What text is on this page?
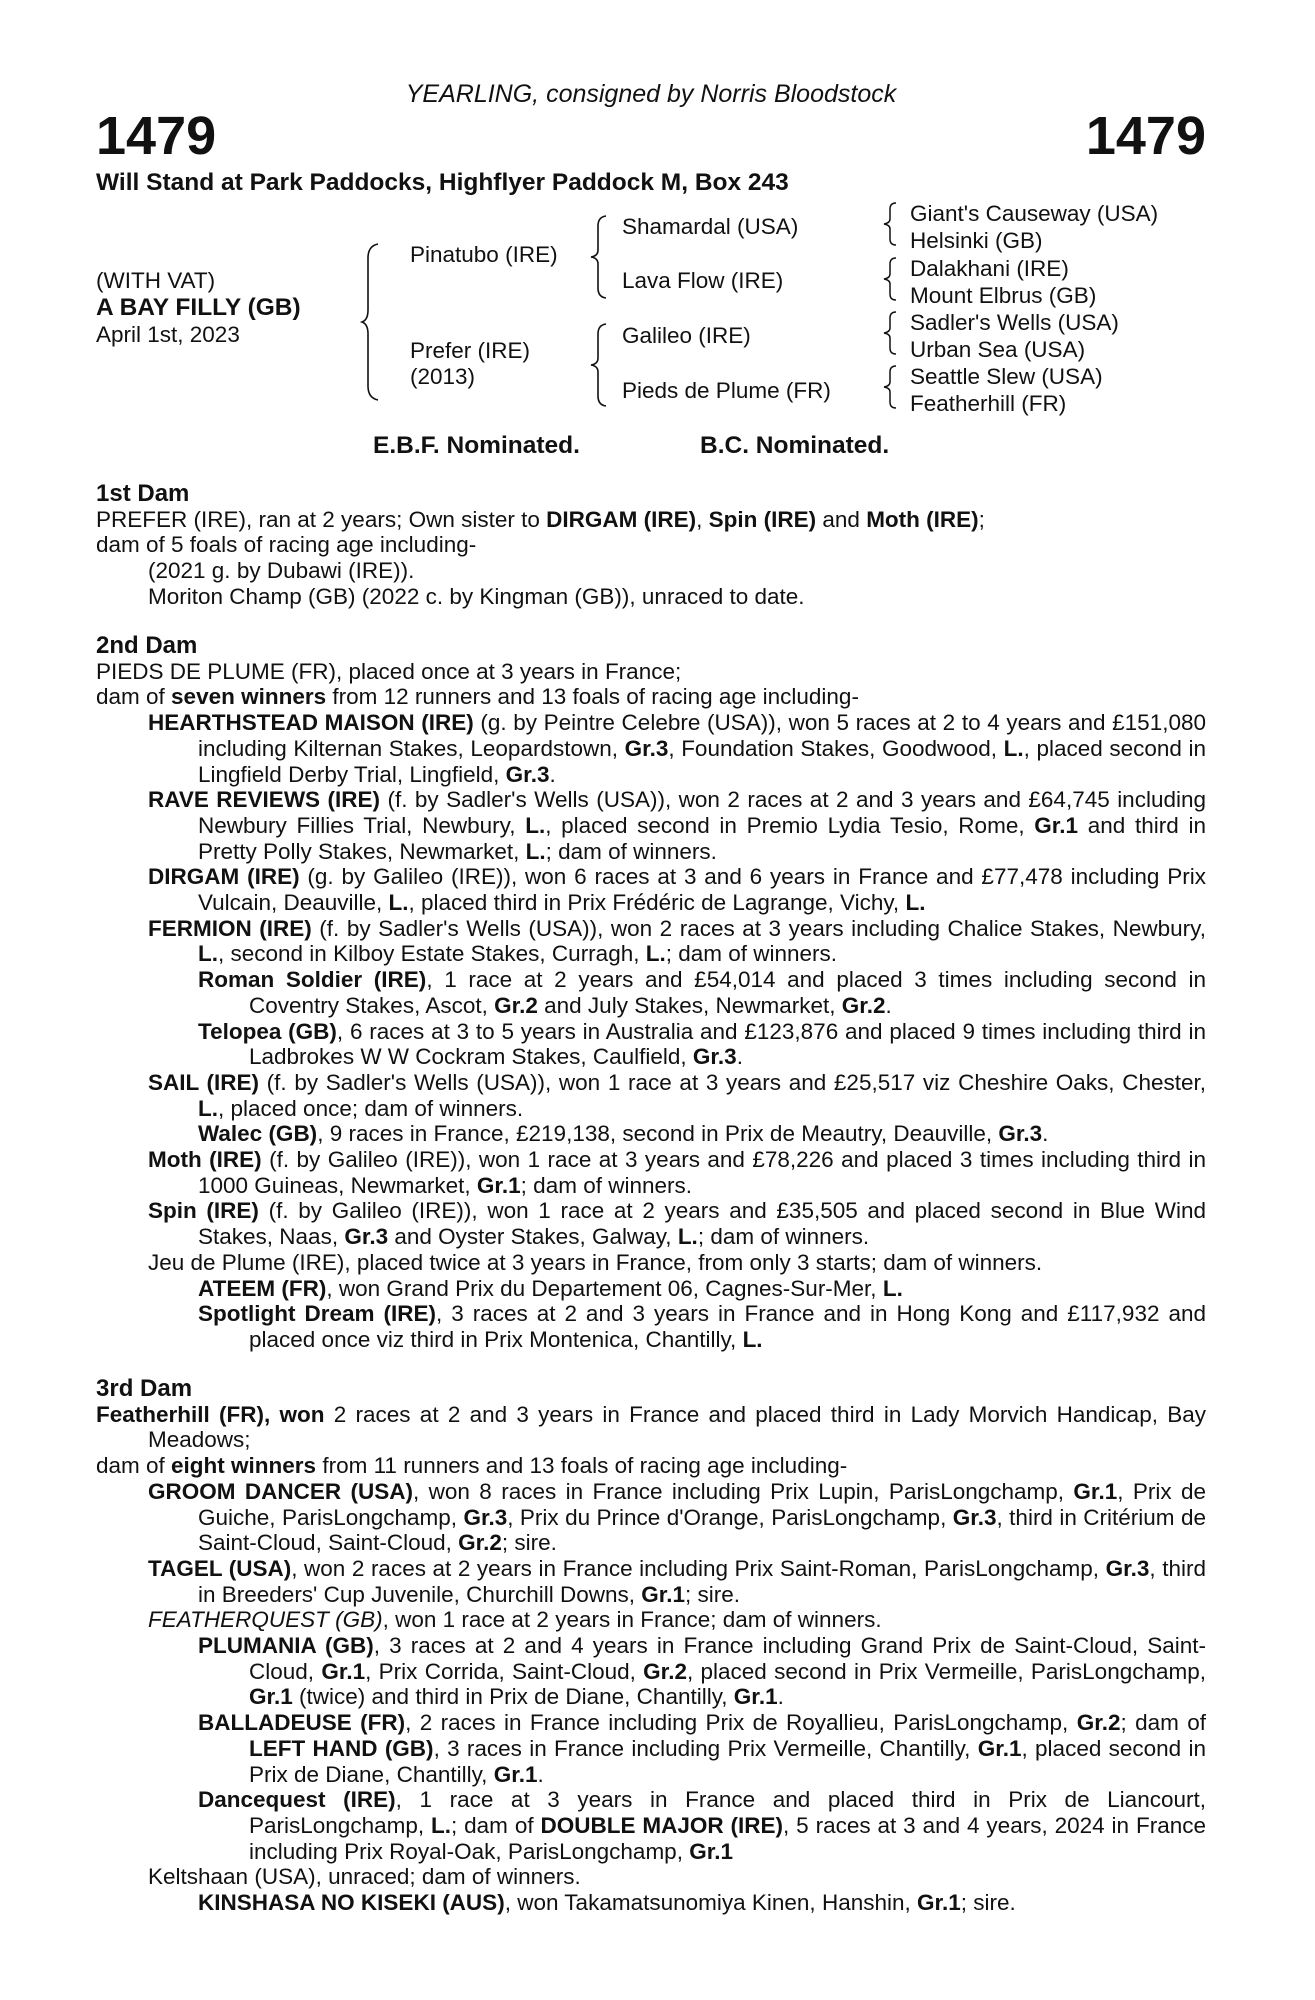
YEARLING, consigned by Norris Bloodstock
1479	1479
Will Stand at Park Paddocks, Highflyer Paddock M, Box 243
(WITH VAT)
A BAY FILLY (GB)
April 1st, 2023
Pinatubo (IRE)
Prefer (IRE)
(2013)
Shamardal (USA)
Lava Flow (IRE)
Galileo (IRE)
Pieds de Plume (FR)
Giant's Causeway (USA)
Helsinki (GB)
Dalakhani (IRE)
Mount Elbrus (GB)
Sadler's Wells (USA)
Urban Sea (USA)
Seattle Slew (USA)
Featherhill (FR)
E.B.F. Nominated.	B.C. Nominated.
1st Dam
PREFER (IRE), ran at 2 years; Own sister to DIRGAM (IRE), Spin (IRE) and Moth (IRE);
dam of 5 foals of racing age including-
(2021 g. by Dubawi (IRE)).
Moriton Champ (GB) (2022 c. by Kingman (GB)), unraced to date.
2nd Dam
PIEDS DE PLUME (FR), placed once at 3 years in France;
dam of seven winners from 12 runners and 13 foals of racing age including-
HEARTHSTEAD MAISON (IRE) (g. by Peintre Celebre (USA)), won 5 races at 2 to 4 years and £151,080 including Kilternan Stakes, Leopardstown, Gr.3, Foundation Stakes, Goodwood, L., placed second in Lingfield Derby Trial, Lingfield, Gr.3.
RAVE REVIEWS (IRE) (f. by Sadler's Wells (USA)), won 2 races at 2 and 3 years and £64,745 including Newbury Fillies Trial, Newbury, L., placed second in Premio Lydia Tesio, Rome, Gr.1 and third in Pretty Polly Stakes, Newmarket, L.; dam of winners.
DIRGAM (IRE) (g. by Galileo (IRE)), won 6 races at 3 and 6 years in France and £77,478 including Prix Vulcain, Deauville, L., placed third in Prix Frédéric de Lagrange, Vichy, L.
FERMION (IRE) (f. by Sadler's Wells (USA)), won 2 races at 3 years including Chalice Stakes, Newbury, L., second in Kilboy Estate Stakes, Curragh, L.; dam of winners.
Roman Soldier (IRE), 1 race at 2 years and £54,014 and placed 3 times including second in Coventry Stakes, Ascot, Gr.2 and July Stakes, Newmarket, Gr.2.
Telopea (GB), 6 races at 3 to 5 years in Australia and £123,876 and placed 9 times including third in Ladbrokes W W Cockram Stakes, Caulfield, Gr.3.
SAIL (IRE) (f. by Sadler's Wells (USA)), won 1 race at 3 years and £25,517 viz Cheshire Oaks, Chester, L., placed once; dam of winners.
Walec (GB), 9 races in France, £219,138, second in Prix de Meautry, Deauville, Gr.3.
Moth (IRE) (f. by Galileo (IRE)), won 1 race at 3 years and £78,226 and placed 3 times including third in 1000 Guineas, Newmarket, Gr.1; dam of winners.
Spin (IRE) (f. by Galileo (IRE)), won 1 race at 2 years and £35,505 and placed second in Blue Wind Stakes, Naas, Gr.3 and Oyster Stakes, Galway, L.; dam of winners.
Jeu de Plume (IRE), placed twice at 3 years in France, from only 3 starts; dam of winners.
ATEEM (FR), won Grand Prix du Departement 06, Cagnes-Sur-Mer, L.
Spotlight Dream (IRE), 3 races at 2 and 3 years in France and in Hong Kong and £117,932 and placed once viz third in Prix Montenica, Chantilly, L.
3rd Dam
Featherhill (FR), won 2 races at 2 and 3 years in France and placed third in Lady Morvich Handicap, Bay Meadows;
dam of eight winners from 11 runners and 13 foals of racing age including-
GROOM DANCER (USA), won 8 races in France including Prix Lupin, ParisLongchamp, Gr.1, Prix de Guiche, ParisLongchamp, Gr.3, Prix du Prince d'Orange, ParisLongchamp, Gr.3, third in Critérium de Saint-Cloud, Saint-Cloud, Gr.2; sire.
TAGEL (USA), won 2 races at 2 years in France including Prix Saint-Roman, ParisLongchamp, Gr.3, third in Breeders' Cup Juvenile, Churchill Downs, Gr.1; sire.
FEATHERQUEST (GB), won 1 race at 2 years in France; dam of winners.
PLUMANIA (GB), 3 races at 2 and 4 years in France including Grand Prix de Saint-Cloud, Saint-Cloud, Gr.1, Prix Corrida, Saint-Cloud, Gr.2, placed second in Prix Vermeille, ParisLongchamp, Gr.1 (twice) and third in Prix de Diane, Chantilly, Gr.1.
BALLADEUSE (FR), 2 races in France including Prix de Royallieu, ParisLongchamp, Gr.2; dam of LEFT HAND (GB), 3 races in France including Prix Vermeille, Chantilly, Gr.1, placed second in Prix de Diane, Chantilly, Gr.1.
Dancequest (IRE), 1 race at 3 years in France and placed third in Prix de Liancourt, ParisLongchamp, L.; dam of DOUBLE MAJOR (IRE), 5 races at 3 and 4 years, 2024 in France including Prix Royal-Oak, ParisLongchamp, Gr.1
Keltshaan (USA), unraced; dam of winners.
KINSHASA NO KISEKI (AUS), won Takamatsunomiya Kinen, Hanshin, Gr.1; sire.
